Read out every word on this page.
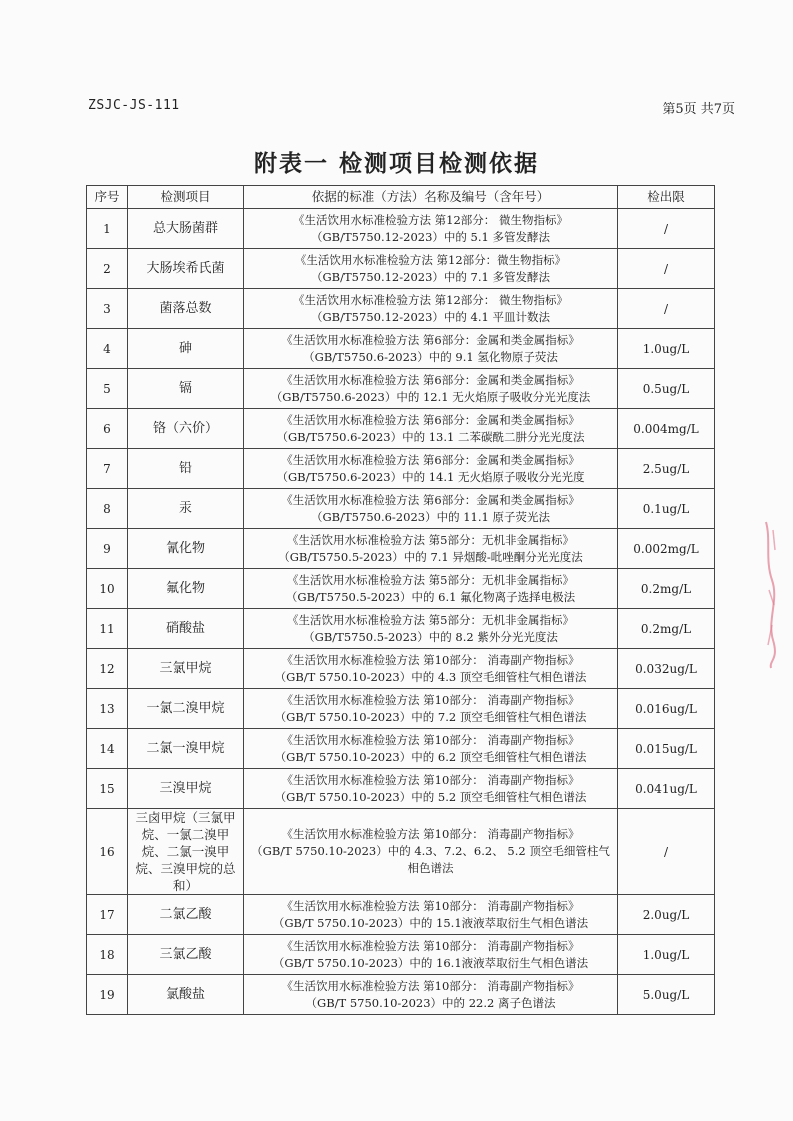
ZSJC-JS-111	第5页 共7页
附表一 检测项目检测依据
序号	检测项目	依据的标准（方法）名称及编号（含年号）	检出限
1	总大肠菌群	《生活饮用水标准检验方法 第12部分： 微生物指标》
（GB/T5750.12-2023）中的 5.1 多管发酵法	/
2	大肠埃希氏菌	《生活饮用水标准检验方法 第12部分：微生物指标》
（GB/T5750.12-2023）中的 7.1 多管发酵法	/
3	菌落总数	《生活饮用水标准检验方法 第12部分： 微生物指标》
（GB/T5750.12-2023）中的 4.1 平皿计数法	/
4	砷	《生活饮用水标准检验方法 第6部分：金属和类金属指标》
（GB/T5750.6-2023）中的 9.1 氢化物原子荧法	1.0ug/L
5	镉	《生活饮用水标准检验方法 第6部分：金属和类金属指标》
（GB/T5750.6-2023）中的 12.1 无火焰原子吸收分光光度法	0.5ug/L
6	铬（六价）	《生活饮用水标准检验方法 第6部分：金属和类金属指标》
（GB/T5750.6-2023）中的 13.1 二苯碳酰二肼分光光度法	0.004mg/L
7	铅	《生活饮用水标准检验方法 第6部分：金属和类金属指标》
（GB/T5750.6-2023）中的 14.1 无火焰原子吸收分光光度	2.5ug/L
8	汞	《生活饮用水标准检验方法 第6部分：金属和类金属指标》
（GB/T5750.6-2023）中的 11.1 原子荧光法	0.1ug/L
9	氰化物	《生活饮用水标准检验方法 第5部分：无机非金属指标》
（GB/T5750.5-2023）中的 7.1 异烟酸-吡唑酮分光光度法	0.002mg/L
10	氟化物	《生活饮用水标准检验方法 第5部分：无机非金属指标》
（GB/T5750.5-2023）中的 6.1 氟化物离子选择电极法	0.2mg/L
11	硝酸盐	《生活饮用水标准检验方法 第5部分：无机非金属指标》
（GB/T5750.5-2023）中的 8.2 紫外分光光度法	0.2mg/L
12	三氯甲烷	《生活饮用水标准检验方法 第10部分： 消毒副产物指标》
（GB/T 5750.10-2023）中的 4.3 顶空毛细管柱气相色谱法	0.032ug/L
13	一氯二溴甲烷	《生活饮用水标准检验方法 第10部分： 消毒副产物指标》
（GB/T 5750.10-2023）中的 7.2 顶空毛细管柱气相色谱法	0.016ug/L
14	二氯一溴甲烷	《生活饮用水标准检验方法 第10部分： 消毒副产物指标》
（GB/T 5750.10-2023）中的 6.2 顶空毛细管柱气相色谱法	0.015ug/L
15	三溴甲烷	《生活饮用水标准检验方法 第10部分： 消毒副产物指标》
（GB/T 5750.10-2023）中的 5.2 顶空毛细管柱气相色谱法	0.041ug/L
16	三卤甲烷（三氯甲烷、一氯二溴甲烷、二氯一溴甲烷、三溴甲烷的总和）	《生活饮用水标准检验方法 第10部分： 消毒副产物指标》
（GB/T 5750.10-2023）中的 4.3、7.2、6.2、 5.2 顶空毛细管柱气相色谱法	/
17	二氯乙酸	《生活饮用水标准检验方法 第10部分： 消毒副产物指标》
（GB/T 5750.10-2023）中的 15.1液液萃取衍生气相色谱法	2.0ug/L
18	三氯乙酸	《生活饮用水标准检验方法 第10部分： 消毒副产物指标》
（GB/T 5750.10-2023）中的 16.1液液萃取衍生气相色谱法	1.0ug/L
19	氯酸盐	《生活饮用水标准检验方法 第10部分： 消毒副产物指标》
（GB/T 5750.10-2023）中的 22.2 离子色谱法	5.0ug/L
